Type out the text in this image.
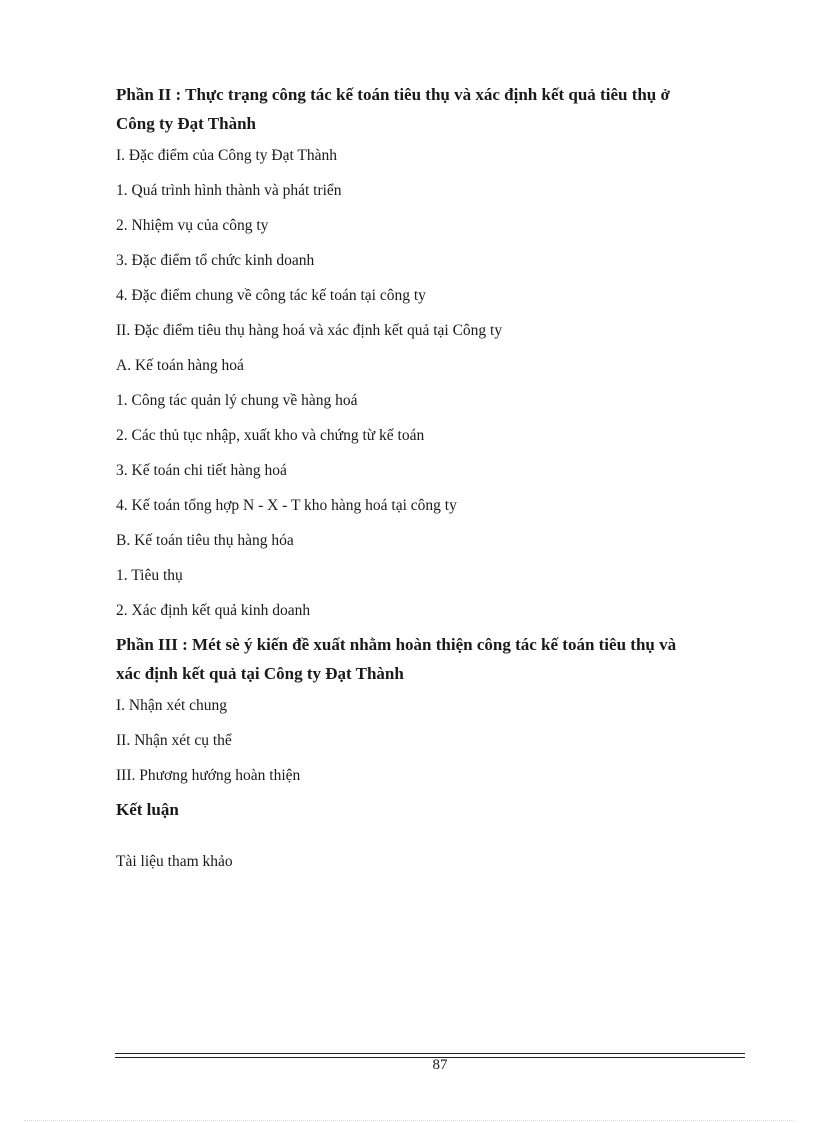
Phần II : Thực trạng công tác kế toán tiêu thụ và xác định kết quả tiêu thụ ở Công ty Đạt Thành

I. Đặc điểm của Công ty Đạt Thành

1. Quá trình hình thành và phát triển

2. Nhiệm vụ của công ty

3. Đặc điểm tổ chức kinh doanh

4. Đặc điểm chung về công tác kế toán tại công ty

II. Đặc điểm tiêu thụ hàng hoá và xác định kết quả tại Công ty

A. Kế toán hàng hoá

1. Công tác quản lý chung về hàng hoá

2. Các thủ tục nhập, xuất kho và chứng từ kế toán

3. Kế toán chi tiết hàng hoá

4. Kế toán tổng hợp N - X - T kho hàng hoá tại công ty

B. Kế toán tiêu thụ hàng hóa

1. Tiêu thụ

2. Xác định kết quả kinh doanh

Phần III : Mét sè ý kiến đề xuất nhằm hoàn thiện công tác kế toán tiêu thụ và xác định kết quả tại Công ty Đạt Thành

I. Nhận xét chung

II. Nhận xét cụ thể

III. Phương hướng hoàn thiện

Kết luận

Tài liệu tham khảo

87
